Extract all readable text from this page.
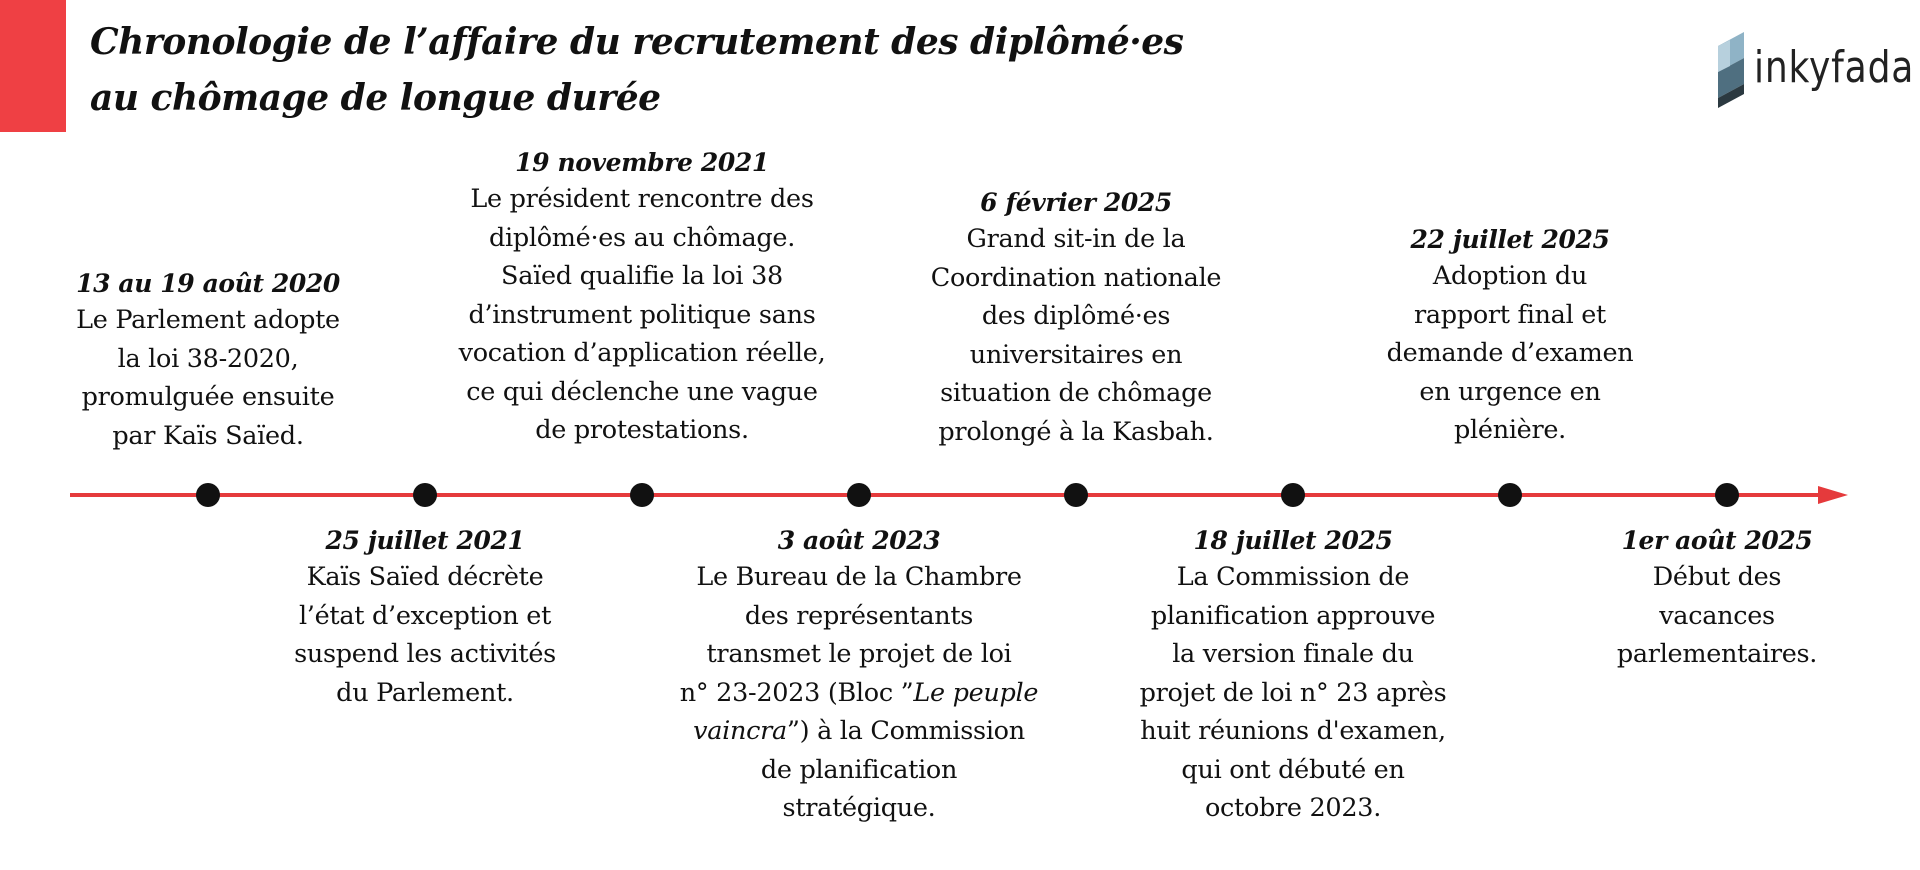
Chronologie de l’affaire du recrutement des diplômé·es
au chômage de longue durée
inkyfada
13 au 19 août 2020
Le Parlement adopte
la loi 38-2020,
promulguée ensuite
par Kaïs Saïed.
25 juillet 2021
Kaïs Saïed décrète
l’état d’exception et
suspend les activités
du Parlement.
19 novembre 2021
Le président rencontre des
diplômé·es au chômage.
Saïed qualifie la loi 38
d’instrument politique sans
vocation d’application réelle,
ce qui déclenche une vague
de protestations.
3 août 2023
Le Bureau de la Chambre
des représentants
transmet le projet de loi
n° 23-2023 (Bloc ”Le peuple
vaincra”) à la Commission
de planification
stratégique.
6 février 2025
Grand sit-in de la
Coordination nationale
des diplômé·es
universitaires en
situation de chômage
prolongé à la Kasbah.
18 juillet 2025
La Commission de
planification approuve
la version finale du
projet de loi n° 23 après
huit réunions d'examen,
qui ont débuté en
octobre 2023.
22 juillet 2025
Adoption du
rapport final et
demande d’examen
en urgence en
plénière.
1er août 2025
Début des
vacances
parlementaires.
